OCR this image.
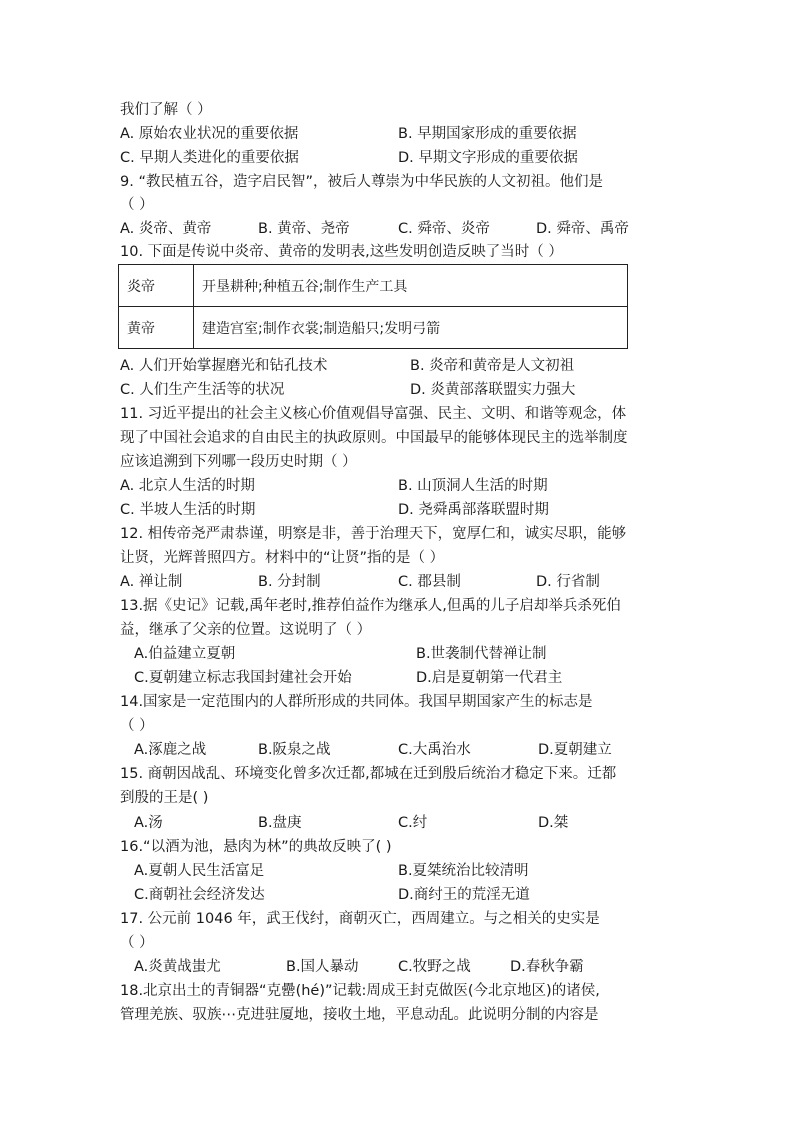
我们了解（ ）
A. 原始农业状况的重要依据	B. 早期国家形成的重要依据
C. 早期人类进化的重要依据	D. 早期文字形成的重要依据
9. “教民植五谷，造字启民智”，被后人尊崇为中华民族的人文初祖。他们是
（ ）
A. 炎帝、黄帝	B. 黄帝、尧帝	C. 舜帝、炎帝	D. 舜帝、禹帝
10. 下面是传说中炎帝、黄帝的发明表,这些发明创造反映了当时（ ）
炎帝	开垦耕种;种植五谷;制作生产工具
黄帝	建造宫室;制作衣裳;制造船只;发明弓箭
A. 人们开始掌握磨光和钻孔技术	B. 炎帝和黄帝是人文初祖
C. 人们生产生活等的状况	D. 炎黄部落联盟实力强大
11. 习近平提出的社会主义核心价值观倡导富强、民主、文明、和谐等观念，体
现了中国社会追求的自由民主的执政原则。中国最早的能够体现民主的选举制度
应该追溯到下列哪一段历史时期（ ）
A. 北京人生活的时期	B. 山顶洞人生活的时期
C. 半坡人生活的时期	D. 尧舜禹部落联盟时期
12. 相传帝尧严肃恭谨，明察是非，善于治理天下，宽厚仁和，诚实尽职，能够
让贤，光辉普照四方。材料中的“让贤”指的是（ ）
A. 禅让制	B. 分封制	C. 郡县制	D. 行省制
13.据《史记》记载,禹年老时,推荐伯益作为继承人,但禹的儿子启却举兵杀死伯
益，继承了父亲的位置。这说明了（ ）
A.伯益建立夏朝	B.世袭制代替禅让制
C.夏朝建立标志我国封建社会开始	D.启是夏朝第一代君主
14.国家是一定范围内的人群所形成的共同体。我国早期国家产生的标志是
（ ）
A.涿鹿之战	B.阪泉之战	C.大禹治水	D.夏朝建立
15. 商朝因战乱、环境变化曾多次迁都,都城在迁到殷后统治才稳定下来。迁都
到殷的王是( )
A.汤	B.盘庚	C.纣	D.桀
16.“以酒为池，悬肉为林”的典故反映了( )
A.夏朝人民生活富足	B.夏桀统治比较清明
C.商朝社会经济发达	D.商纣王的荒淫无道
17. 公元前 1046 年，武王伐纣，商朝灭亡，西周建立。与之相关的史实是
（ ）
A.炎黄战蚩尤	B.国人暴动	C.牧野之战	D.春秋争霸
18.北京出土的青铜器“克罍(hé)”记载:周成王封克做医(今北京地区)的诸侯,
管理羌族、驭族⋯克进驻厦地，接收土地，平息动乱。此说明分制的内容是
